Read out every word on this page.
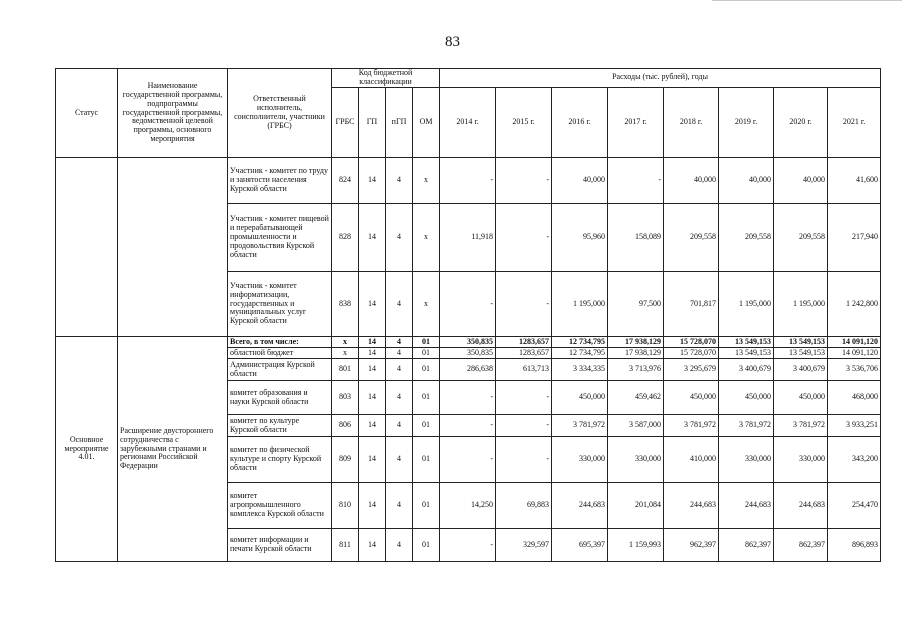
83
Статус	Наименование государственной программы, подпрограммы государственной программы, ведомственной целевой программы, основного мероприятия	Ответственный исполнитель, соисполнители, участники (ГРБС)	Код бюджетной классификации				Расходы (тыс. рублей), годы							
			ГРБС	ГП	пГП	ОМ	2014 г.	2015 г.	2016 г.	2017 г.	2018 г.	2019 г.	2020 г.	2021 г.
		Участник - комитет по труду и занятости населения Курской области	824	14	4	х	-	-	40,000	-	40,000	40,000	40,000	41,600
		Участник - комитет пищевой и перерабатывающей промышленности и продовольствия Курской области	828	14	4	х	11,918	-	95,960	158,089	209,558	209,558	209,558	217,940
		Участник - комитет информатизации, государственных и муниципальных услуг Курской области	838	14	4	х	-	-	1 195,000	97,500	701,817	1 195,000	1 195,000	1 242,800
Основное мероприятие 4.01.	Расширение двустороннего сотрудничества с зарубежными странами и регионами Российской Федерации	Всего, в том числе:	х	14	4	01	350,835	1283,657	12 734,795	17 938,129	15 728,070	13 549,153	13 549,153	14 091,120
		областной бюджет	х	14	4	01	350,835	1283,657	12 734,795	17 938,129	15 728,070	13 549,153	13 549,153	14 091,120
		Администрация Курской области	801	14	4	01	286,638	613,713	3 334,335	3 713,976	3 295,679	3 400,679	3 400,679	3 536,706
		комитет образования и науки Курской области	803	14	4	01	-	-	450,000	459,462	450,000	450,000	450,000	468,000
		комитет по культуре Курской области	806	14	4	01	-	-	3 781,972	3 587,000	3 781,972	3 781,972	3 781,972	3 933,251
		комитет по физической культуре и спорту Курской области	809	14	4	01	-	-	330,000	330,000	410,000	330,000	330,000	343,200
		комитет агропромышленного комплекса Курской области	810	14	4	01	14,250	69,883	244,683	201,084	244,683	244,683	244,683	254,470
		комитет информации и печати Курской области	811	14	4	01	-	329,597	695,397	1 159,993	962,397	862,397	862,397	896,893
